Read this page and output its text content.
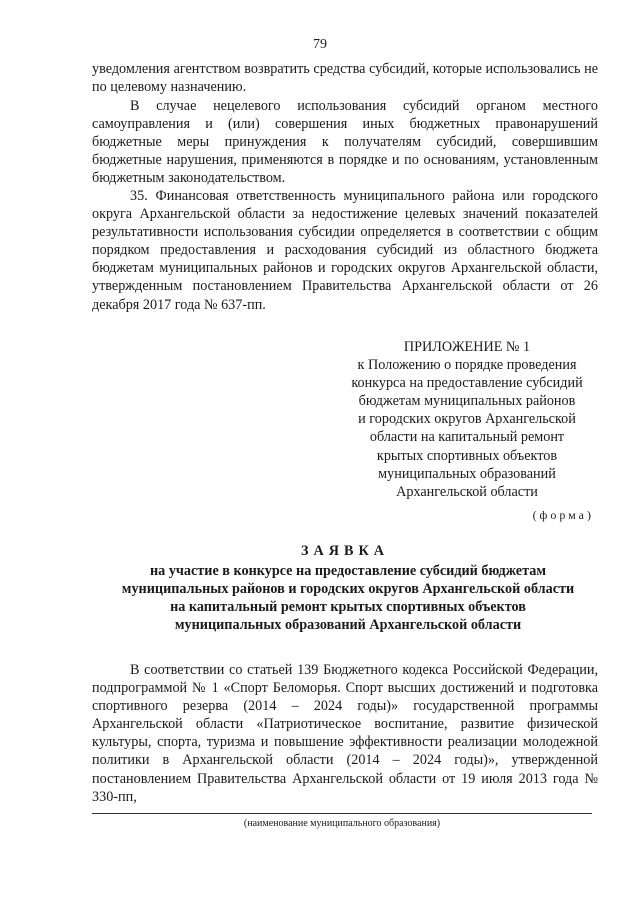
79

уведомления агентством возвратить средства субсидий, которые использовались не по целевому назначению.

В случае нецелевого использования субсидий органом местного самоуправления и (или) совершения иных бюджетных правонарушений бюджетные меры принуждения к получателям субсидий, совершившим бюджетные нарушения, применяются в порядке и по основаниям, установленным бюджетным законодательством.

35. Финансовая ответственность муниципального района или городского округа Архангельской области за недостижение целевых значений показателей результативности использования субсидии определяется в соответствии с общим порядком предоставления и расходования субсидий из областного бюджета бюджетам муниципальных районов и городских округов Архангельской области, утвержденным постановлением Правительства Архангельской области от 26 декабря 2017 года № 637-пп.

ПРИЛОЖЕНИЕ № 1
к Положению о порядке проведения
конкурса на предоставление субсидий
бюджетам муниципальных районов
и городских округов Архангельской
области на капитальный ремонт
крытых спортивных объектов
муниципальных образований
Архангельской области
(форма)
ЗАЯВКА
на участие в конкурсе на предоставление субсидий бюджетам
муниципальных районов и городских округов Архангельской области
на капитальный ремонт крытых спортивных объектов
муниципальных образований Архангельской области

В соответствии со статьей 139 Бюджетного кодекса Российской Федерации, подпрограммой № 1 «Спорт Беломорья. Спорт высших достижений и подготовка спортивного резерва (2014 – 2024 годы)» государственной программы Архангельской области «Патриотическое воспитание, развитие физической культуры, спорта, туризма и повышение эффективности реализации молодежной политики в Архангельской области (2014 – 2024 годы)», утвержденной постановлением Правительства Архангельской области от 19 июля 2013 года № 330-пп,

(наименование муниципального образования)
